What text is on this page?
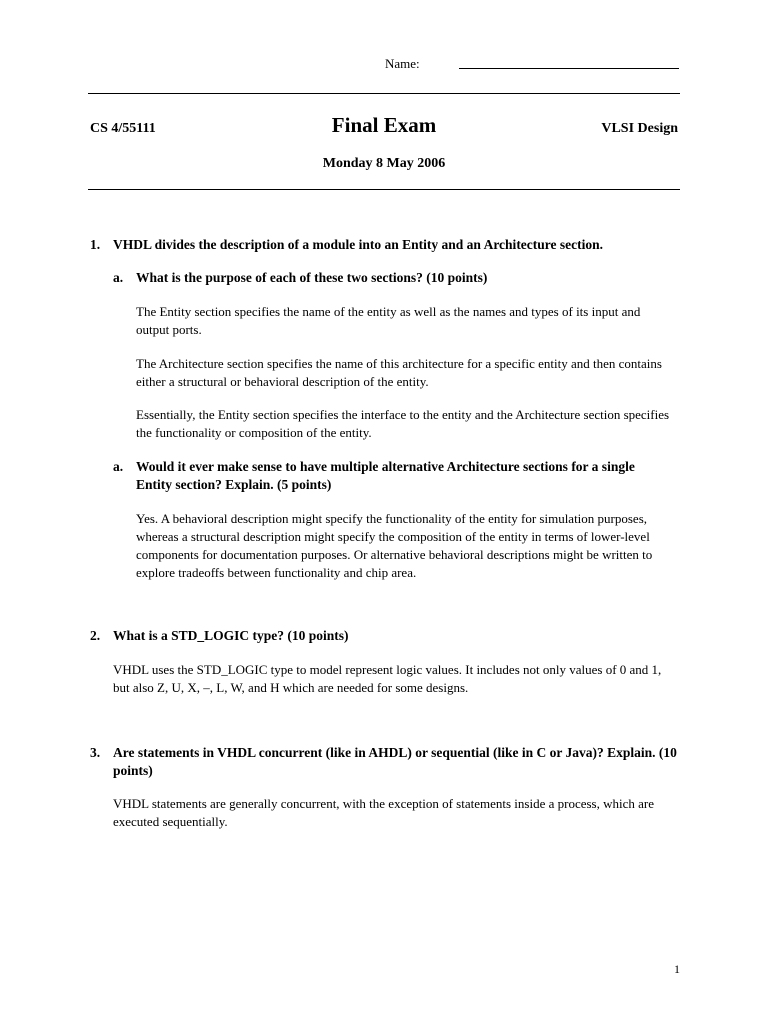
Name:
CS 4/55111	Final Exam	VLSI Design
Monday 8 May 2006
1. VHDL divides the description of a module into an Entity and an Architecture section.
a. What is the purpose of each of these two sections? (10 points)
The Entity section specifies the name of the entity as well as the names and types of its input and output ports.
The Architecture section specifies the name of this architecture for a specific entity and then contains either a structural or behavioral description of the entity.
Essentially, the Entity section specifies the interface to the entity and the Architecture section specifies the functionality or composition of the entity.
a. Would it ever make sense to have multiple alternative Architecture sections for a single Entity section? Explain. (5 points)
Yes. A behavioral description might specify the functionality of the entity for simulation purposes, whereas a structural description might specify the composition of the entity in terms of lower-level components for documentation purposes. Or alternative behavioral descriptions might be written to explore tradeoffs between functionality and chip area.
2. What is a STD_LOGIC type? (10 points)
VHDL uses the STD_LOGIC type to model represent logic values. It includes not only values of 0 and 1, but also Z, U, X, –, L, W, and H which are needed for some designs.
3. Are statements in VHDL concurrent (like in AHDL) or sequential (like in C or Java)? Explain. (10 points)
VHDL statements are generally concurrent, with the exception of statements inside a process, which are executed sequentially.
1
